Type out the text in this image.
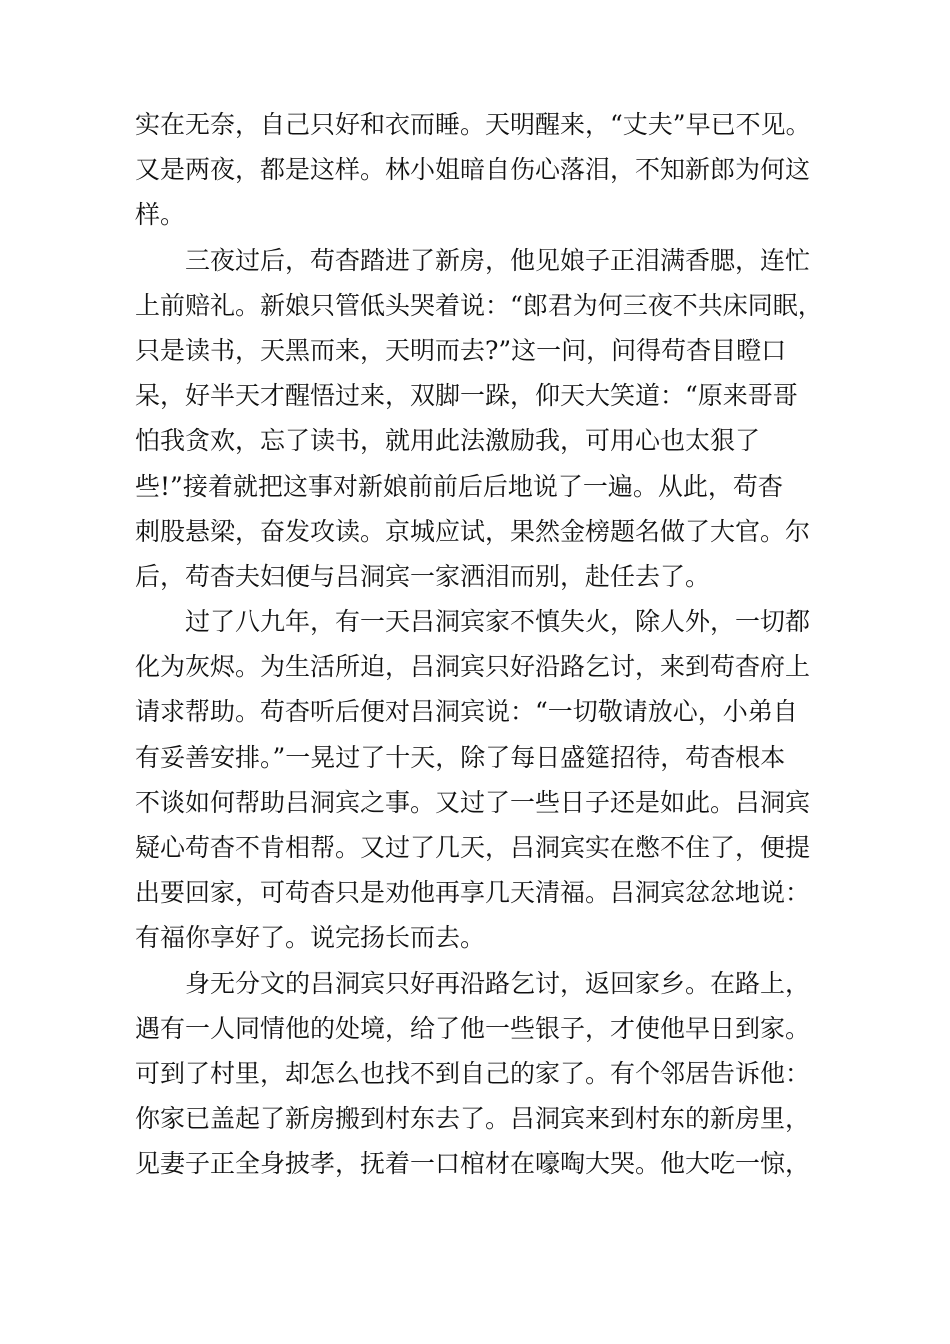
实在无奈，自己只好和衣而睡。天明醒来，“丈夫”早已不见。
又是两夜，都是这样。林小姐暗自伤心落泪，不知新郎为何这
样。
　　三夜过后，苟杳踏进了新房，他见娘子正泪满香腮，连忙
上前赔礼。新娘只管低头哭着说：“郎君为何三夜不共床同眠，
只是读书，天黑而来，天明而去?”这一问，问得苟杳目瞪口
呆，好半天才醒悟过来，双脚一跺，仰天大笑道：“原来哥哥
怕我贪欢，忘了读书，就用此法激励我，可用心也太狠了
些!”接着就把这事对新娘前前后后地说了一遍。从此，苟杳
刺股悬梁，奋发攻读。京城应试，果然金榜题名做了大官。尔
后，苟杳夫妇便与吕洞宾一家洒泪而别，赴任去了。
　　过了八九年，有一天吕洞宾家不慎失火，除人外，一切都
化为灰烬。为生活所迫，吕洞宾只好沿路乞讨，来到苟杳府上
请求帮助。苟杳听后便对吕洞宾说：“一切敬请放心，小弟自
有妥善安排。”一晃过了十天，除了每日盛筵招待，苟杳根本
不谈如何帮助吕洞宾之事。又过了一些日子还是如此。吕洞宾
疑心苟杳不肯相帮。又过了几天，吕洞宾实在憋不住了，便提
出要回家，可苟杳只是劝他再享几天清福。吕洞宾忿忿地说：
有福你享好了。说完扬长而去。
　　身无分文的吕洞宾只好再沿路乞讨，返回家乡。在路上，
遇有一人同情他的处境，给了他一些银子，才使他早日到家。
可到了村里，却怎么也找不到自己的家了。有个邻居告诉他：
你家已盖起了新房搬到村东去了。吕洞宾来到村东的新房里，
见妻子正全身披孝，抚着一口棺材在嚎啕大哭。他大吃一惊，
